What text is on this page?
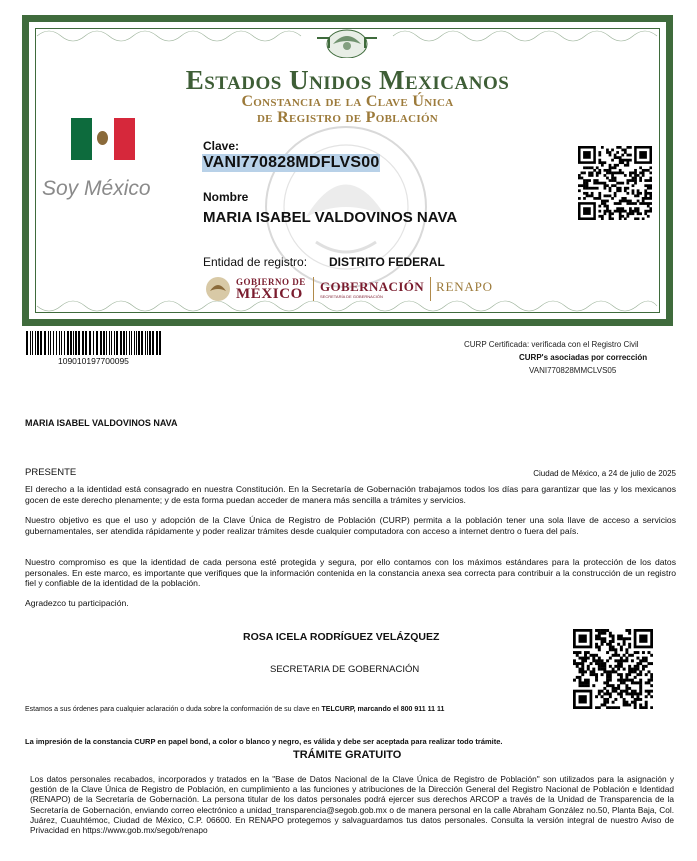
Estados Unidos Mexicanos
Constancia de la Clave Única
de Registro de Población
Soy México
Clave:
VANI770828MDFLVS00
Nombre
MARIA ISABEL VALDOVINOS NAVA
Entidad de registro: DISTRITO FEDERAL
GOBIERNO DE
MÉXICO GOBERNACIÓN
SECRETARÍA DE GOBERNACIÓN
RENAPO
109010197700095
CURP Certificada: verificada con el Registro Civil
CURP's asociadas por corrección
VANI770828MMCLVS05
MARIA ISABEL VALDOVINOS NAVA
PRESENTE	Ciudad de México, a 24 de julio de 2025
El derecho a la identidad está consagrado en nuestra Constitución. En la Secretaría de Gobernación trabajamos todos los días para garantizar que las y los mexicanos gocen de este derecho plenamente; y de esta forma puedan acceder de manera más sencilla a trámites y servicios.
Nuestro objetivo es que el uso y adopción de la Clave Única de Registro de Población (CURP) permita a la población tener una sola llave de acceso a servicios gubernamentales, ser atendida rápidamente y poder realizar trámites desde cualquier computadora con acceso a internet dentro o fuera del país.
Nuestro compromiso es que la identidad de cada persona esté protegida y segura, por ello contamos con los máximos estándares para la protección de los datos personales. En este marco, es importante que verifiques que la información contenida en la constancia anexa sea correcta para contribuir a la construcción de un registro fiel y confiable de la identidad de la población.
Agradezco tu participación.
ROSA ICELA RODRÍGUEZ VELÁZQUEZ
SECRETARIA DE GOBERNACIÓN
Estamos a sus órdenes para cualquier aclaración o duda sobre la conformación de su clave en TELCURP, marcando el 800 911 11 11
La impresión de la constancia CURP en papel bond, a color o blanco y negro, es válida y debe ser aceptada para realizar todo trámite.
TRÁMITE GRATUITO
Los datos personales recabados, incorporados y tratados en la "Base de Datos Nacional de la Clave Única de Registro de Población" son utilizados para la asignación y gestión de la Clave Única de Registro de Población, en cumplimiento a las funciones y atribuciones de la Dirección General del Registro Nacional de Población e Identidad (RENAPO) de la Secretaría de Gobernación. La persona titular de los datos personales podrá ejercer sus derechos ARCOP a través de la Unidad de Transparencia de la Secretaría de Gobernación, enviando correo electrónico a unidad_transparencia@segob.gob.mx o de manera personal en la calle Abraham González no.50, Planta Baja, Col. Juárez, Cuauhtémoc, Ciudad de México, C.P. 06600. En RENAPO protegemos y salvaguardamos tus datos personales. Consulta la versión integral de nuestro Aviso de Privacidad en https://www.gob.mx/segob/renapo
